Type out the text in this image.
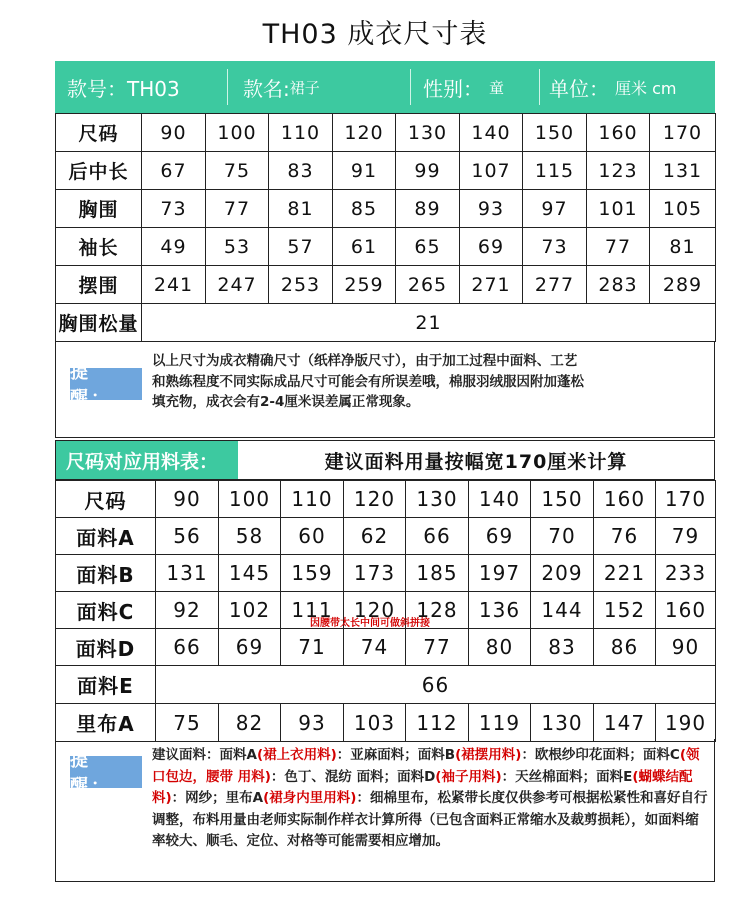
TH03 成衣尺寸表
款号：TH03	款名: 裙子	性别： 童 单位： 厘米 cm
尺码	90	100	110	120	130	140	150	160	170
后中长	67	75	83	91	99	107	115	123	131
胸围	73	77	81	85	89	93	97	101	105
袖长	49	53	57	61	65	69	73	77	81
摆围	241	247	253	259	265	271	277	283	289
胸围松量	21								
提 醒：
以上尺寸为成衣精确尺寸（纸样净版尺寸），由于加工过程中面料、工艺
和熟练程度不同实际成品尺寸可能会有所误差哦，棉服羽绒服因附加蓬松
填充物，成衣会有2-4厘米误差属正常现象。
尺码对应用料表：	建议面料用量按幅宽170厘米计算
尺码	90	100	110	120	130	140	150	160	170
面料A	56	58	60	62	66	69	70	76	79
面料B	131	145	159	173	185	197	209	221	233
面料C	92	102	111	120	128	136	144	152	160
面料D	66	69	71	74	77	80	83	86	90
面料E	66								
里布A	75	82	93	103	112	119	130	147	190
因腰带太长中间可做斜拼接
提 醒：
建议面料：面料A(裙上衣用料)：亚麻面料；面料B(裙摆用料)：欧根纱印花面料；面料C(领口包边，腰带 用料)：色丁、混纺 面料；面料D(袖子用料)：天丝棉面料；面料E(蝴蝶结配料)：网纱；里布A(裙身内里用料)：细棉里布，松紧带长度仅供参考可根据松紧性和喜好自行调整，布料用量由老师实际制作样衣计算所得（已包含面料正常缩水及裁剪损耗），如面料缩率较大、顺毛、定位、对格等可能需要相应增加。
